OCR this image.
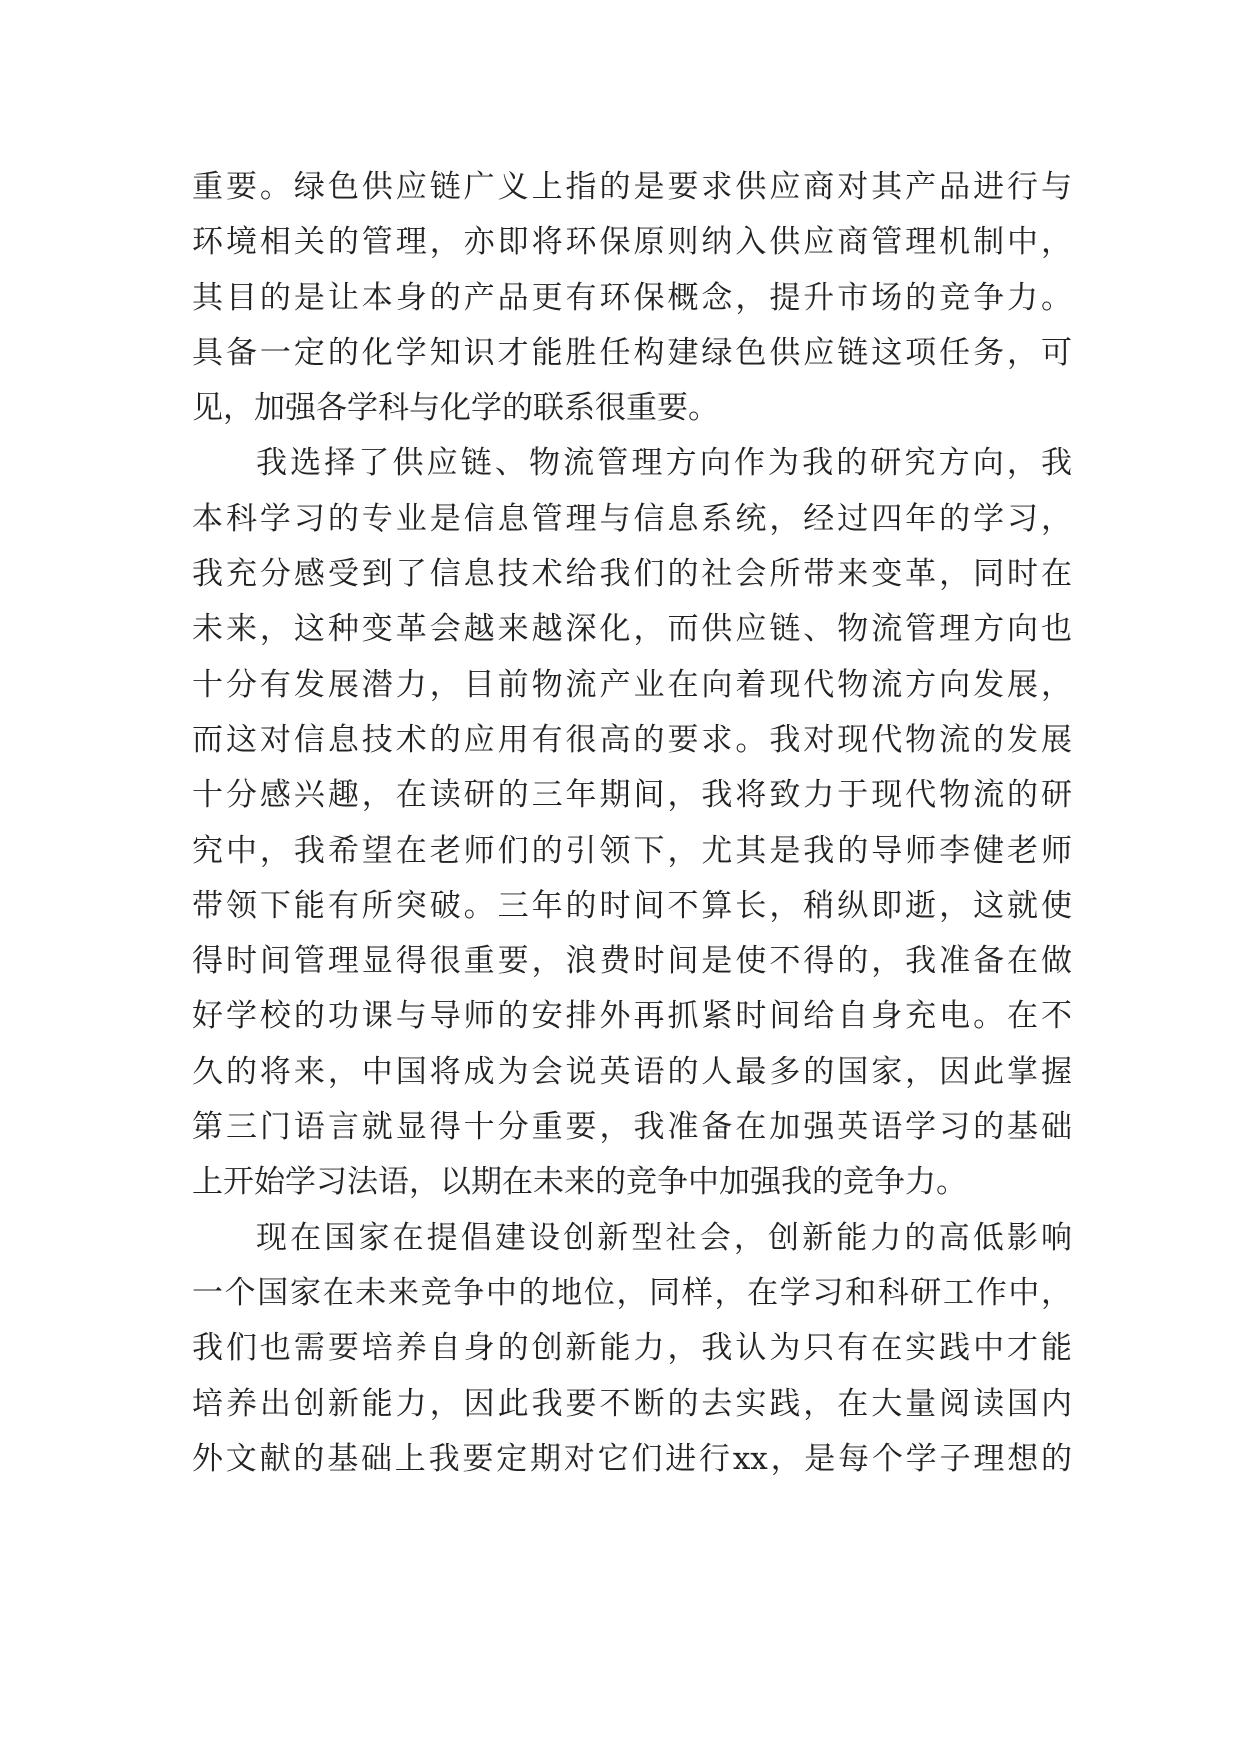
重要。绿色供应链广义上指的是要求供应商对其产品进行与
环境相关的管理，亦即将环保原则纳入供应商管理机制中，
其目的是让本身的产品更有环保概念，提升市场的竞争力。
具备一定的化学知识才能胜任构建绿色供应链这项任务，可
见，加强各学科与化学的联系很重要。
我选择了供应链、物流管理方向作为我的研究方向，我
本科学习的专业是信息管理与信息系统，经过四年的学习，
我充分感受到了信息技术给我们的社会所带来变革，同时在
未来，这种变革会越来越深化，而供应链、物流管理方向也
十分有发展潜力，目前物流产业在向着现代物流方向发展，
而这对信息技术的应用有很高的要求。我对现代物流的发展
十分感兴趣，在读研的三年期间，我将致力于现代物流的研
究中，我希望在老师们的引领下，尤其是我的导师李健老师
带领下能有所突破。三年的时间不算长，稍纵即逝，这就使
得时间管理显得很重要，浪费时间是使不得的，我准备在做
好学校的功课与导师的安排外再抓紧时间给自身充电。在不
久的将来，中国将成为会说英语的人最多的国家，因此掌握
第三门语言就显得十分重要，我准备在加强英语学习的基础
上开始学习法语，以期在未来的竞争中加强我的竞争力。
现在国家在提倡建设创新型社会，创新能力的高低影响
一个国家在未来竞争中的地位，同样，在学习和科研工作中，
我们也需要培养自身的创新能力，我认为只有在实践中才能
培养出创新能力，因此我要不断的去实践，在大量阅读国内
外文献的基础上我要定期对它们进行xx，是每个学子理想的
